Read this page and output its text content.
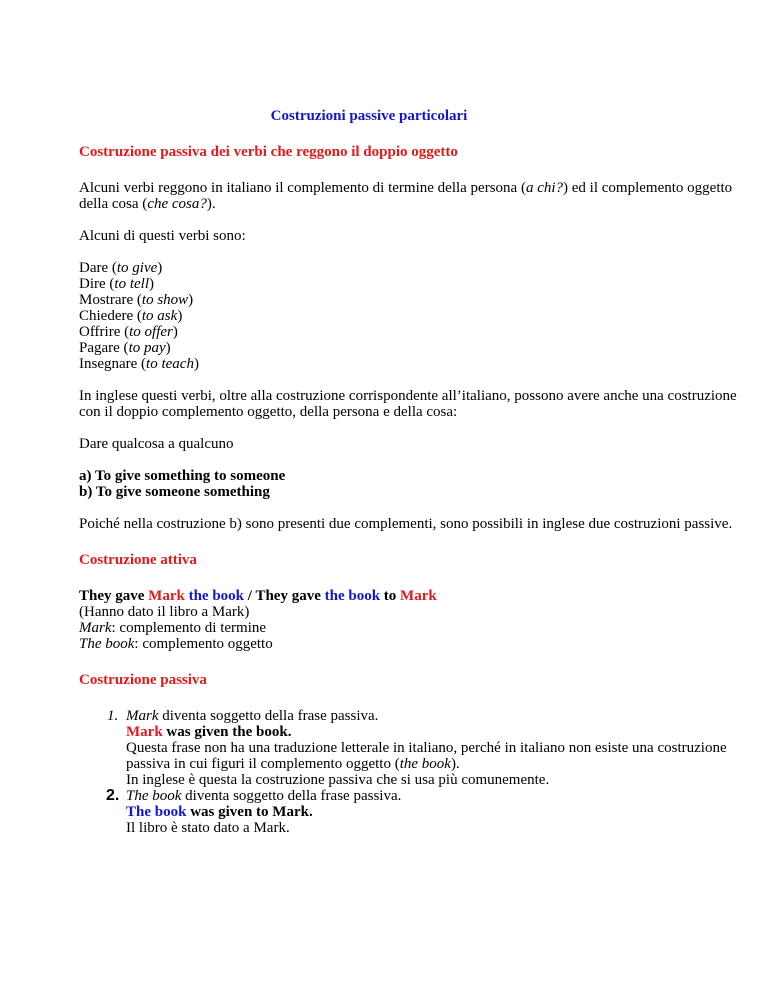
Costruzioni passive particolari
Costruzione passiva dei verbi che reggono il doppio oggetto

Alcuni verbi reggono in italiano il complemento di termine della persona (a chi?) ed il complemento oggetto della cosa (che cosa?).

Alcuni di questi verbi sono:

Dare (to give)
Dire (to tell)
Mostrare (to show)
Chiedere (to ask)
Offrire (to offer)
Pagare (to pay)
Insegnare (to teach)

In inglese questi verbi, oltre alla costruzione corrispondente all’italiano, possono avere anche una costruzione con il doppio complemento oggetto, della persona e della cosa:

Dare qualcosa a qualcuno

a) To give something to someone
b) To give someone something

Poiché nella costruzione b) sono presenti due complementi, sono possibili in inglese due costruzioni passive.

Costruzione attiva
They gave Mark the book / They gave the book to Mark
(Hanno dato il libro a Mark)
Mark: complemento di termine
The book: complemento oggetto
Costruzione passiva
1. Mark diventa soggetto della frase passiva.
Mark was given the book.
Questa frase non ha una traduzione letterale in italiano, perché in italiano non esiste una costruzione passiva in cui figuri il complemento oggetto (the book).
In inglese è questa la costruzione passiva che si usa più comunemente.
2. The book diventa soggetto della frase passiva.
The book was given to Mark.
Il libro è stato dato a Mark.
